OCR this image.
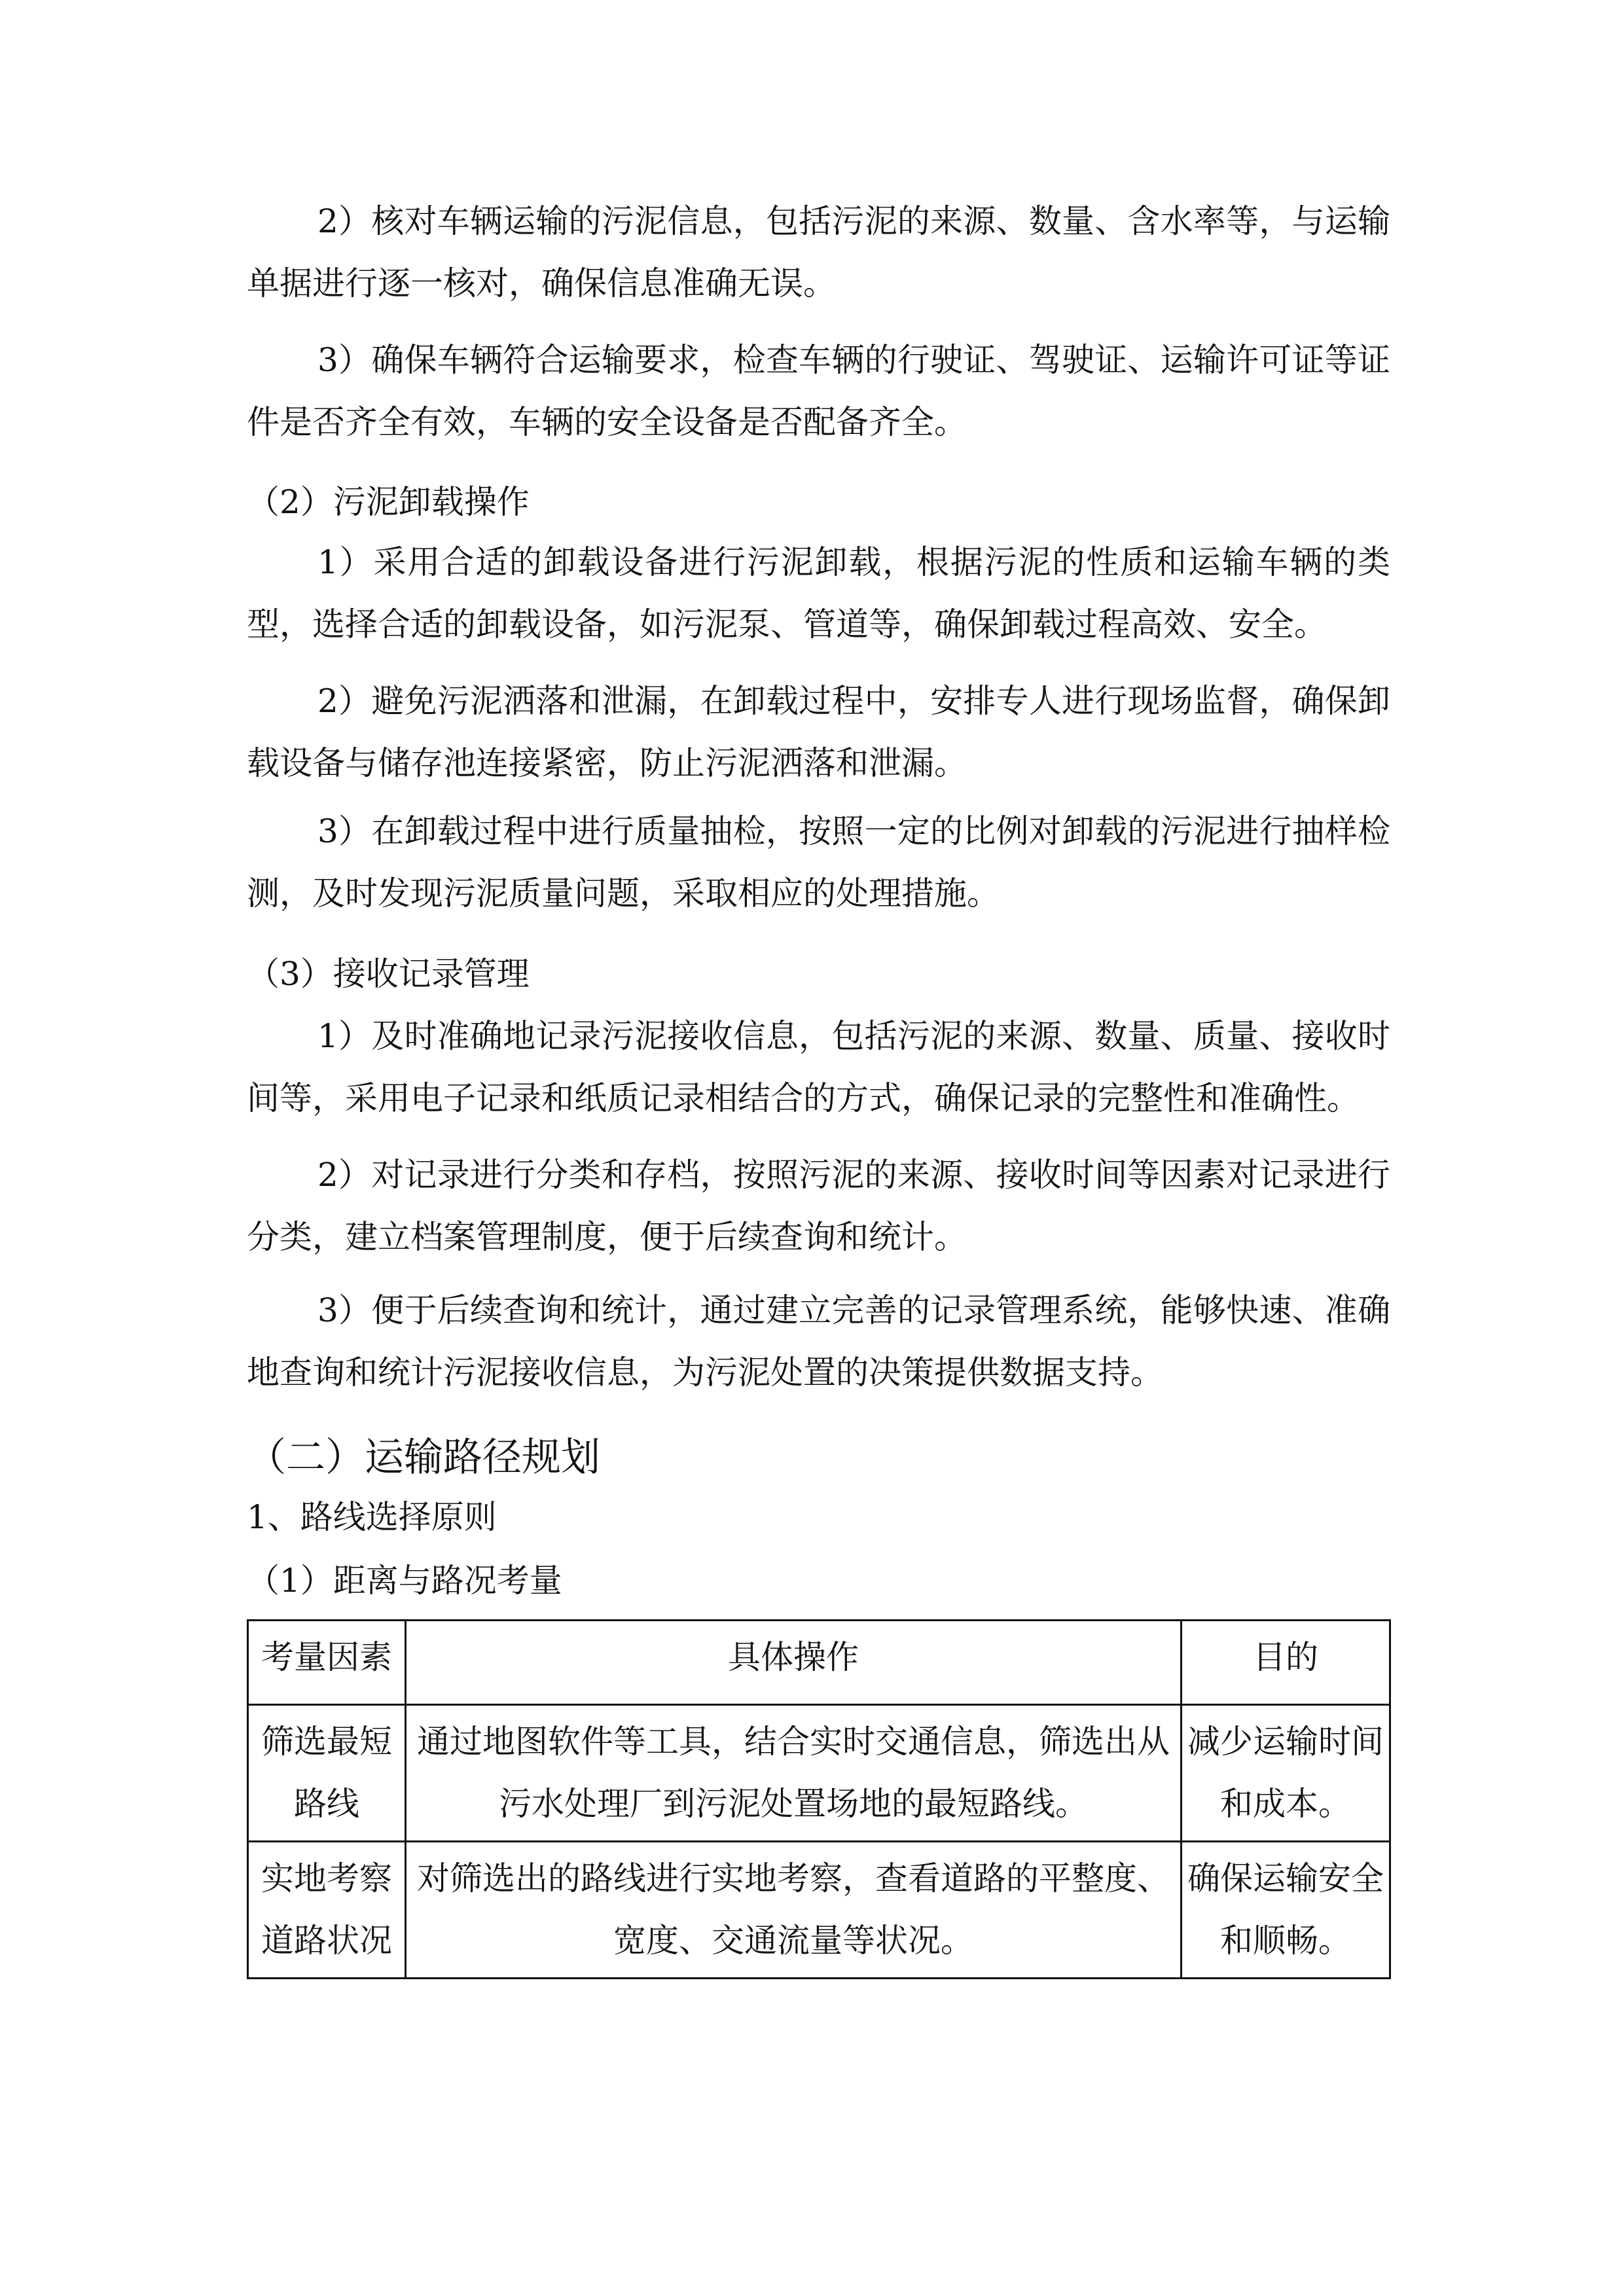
2）核对车辆运输的污泥信息，包括污泥的来源、数量、含水率等，与运输单据进行逐一核对，确保信息准确无误。
3）确保车辆符合运输要求，检查车辆的行驶证、驾驶证、运输许可证等证件是否齐全有效，车辆的安全设备是否配备齐全。
（2）污泥卸载操作
1）采用合适的卸载设备进行污泥卸载，根据污泥的性质和运输车辆的类型，选择合适的卸载设备，如污泥泵、管道等，确保卸载过程高效、安全。
2）避免污泥洒落和泄漏，在卸载过程中，安排专人进行现场监督，确保卸载设备与储存池连接紧密，防止污泥洒落和泄漏。
3）在卸载过程中进行质量抽检，按照一定的比例对卸载的污泥进行抽样检测，及时发现污泥质量问题，采取相应的处理措施。
（3）接收记录管理
1）及时准确地记录污泥接收信息，包括污泥的来源、数量、质量、接收时间等，采用电子记录和纸质记录相结合的方式，确保记录的完整性和准确性。
2）对记录进行分类和存档，按照污泥的来源、接收时间等因素对记录进行分类，建立档案管理制度，便于后续查询和统计。
3）便于后续查询和统计，通过建立完善的记录管理系统，能够快速、准确地查询和统计污泥接收信息，为污泥处置的决策提供数据支持。
（二）运输路径规划
1、路线选择原则
（1）距离与路况考量
考量因素	具体操作	目的
筛选最短路线	通过地图软件等工具，结合实时交通信息，筛选出从污水处理厂到污泥处置场地的最短路线。	减少运输时间和成本。
实地考察道路状况	对筛选出的路线进行实地考察，查看道路的平整度、宽度、交通流量等状况。	确保运输安全和顺畅。
